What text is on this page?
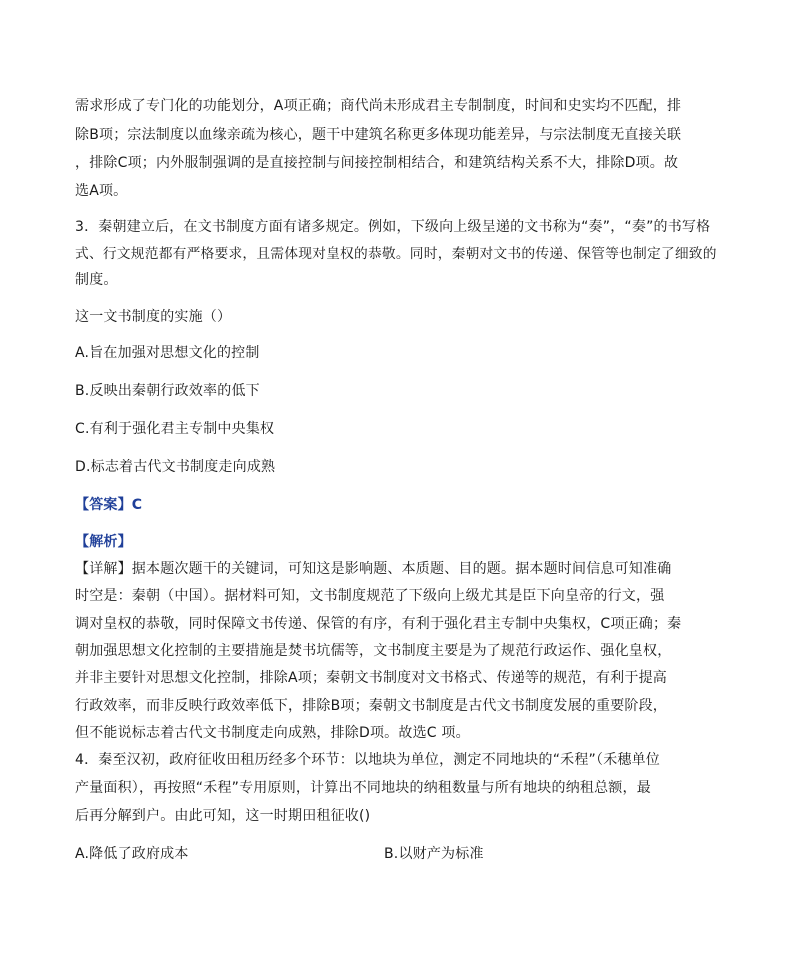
需求形成了专门化的功能划分，A项正确；商代尚未形成君主专制制度，时间和史实均不匹配，排
除B项；宗法制度以血缘亲疏为核心，题干中建筑名称更多体现功能差异，与宗法制度无直接关联
，排除C项；内外服制强调的是直接控制与间接控制相结合，和建筑结构关系不大，排除D项。故
选A项。
3．秦朝建立后，在文书制度方面有诸多规定。例如，下级向上级呈递的文书称为“奏”，“奏”的书写格
式、行文规范都有严格要求，且需体现对皇权的恭敬。同时，秦朝对文书的传递、保管等也制定了细致的
制度。
这一文书制度的实施（）
A.旨在加强对思想文化的控制
B.反映出秦朝行政效率的低下
C.有利于强化君主专制中央集权
D.标志着古代文书制度走向成熟
【答案】C
【解析】
【详解】据本题次题干的关键词，可知这是影响题、本质题、目的题。据本题时间信息可知准确
时空是：秦朝（中国）。据材料可知，文书制度规范了下级向上级尤其是臣下向皇帝的行文，强
调对皇权的恭敬，同时保障文书传递、保管的有序，有利于强化君主专制中央集权，C项正确；秦
朝加强思想文化控制的主要措施是焚书坑儒等，文书制度主要是为了规范行政运作、强化皇权，
并非主要针对思想文化控制，排除A项；秦朝文书制度对文书格式、传递等的规范，有利于提高
行政效率，而非反映行政效率低下，排除B项；秦朝文书制度是古代文书制度发展的重要阶段，
但不能说标志着古代文书制度走向成熟，排除D项。故选C 项。
4．秦至汉初，政府征收田租历经多个环节：以地块为单位，测定不同地块的“禾程”（禾穗单位
产量面积），再按照“禾程”专用原则，计算出不同地块的纳租数量与所有地块的纳租总额，最
后再分解到户。由此可知，这一时期田租征收()
A.降低了政府成本	B.以财产为标准
